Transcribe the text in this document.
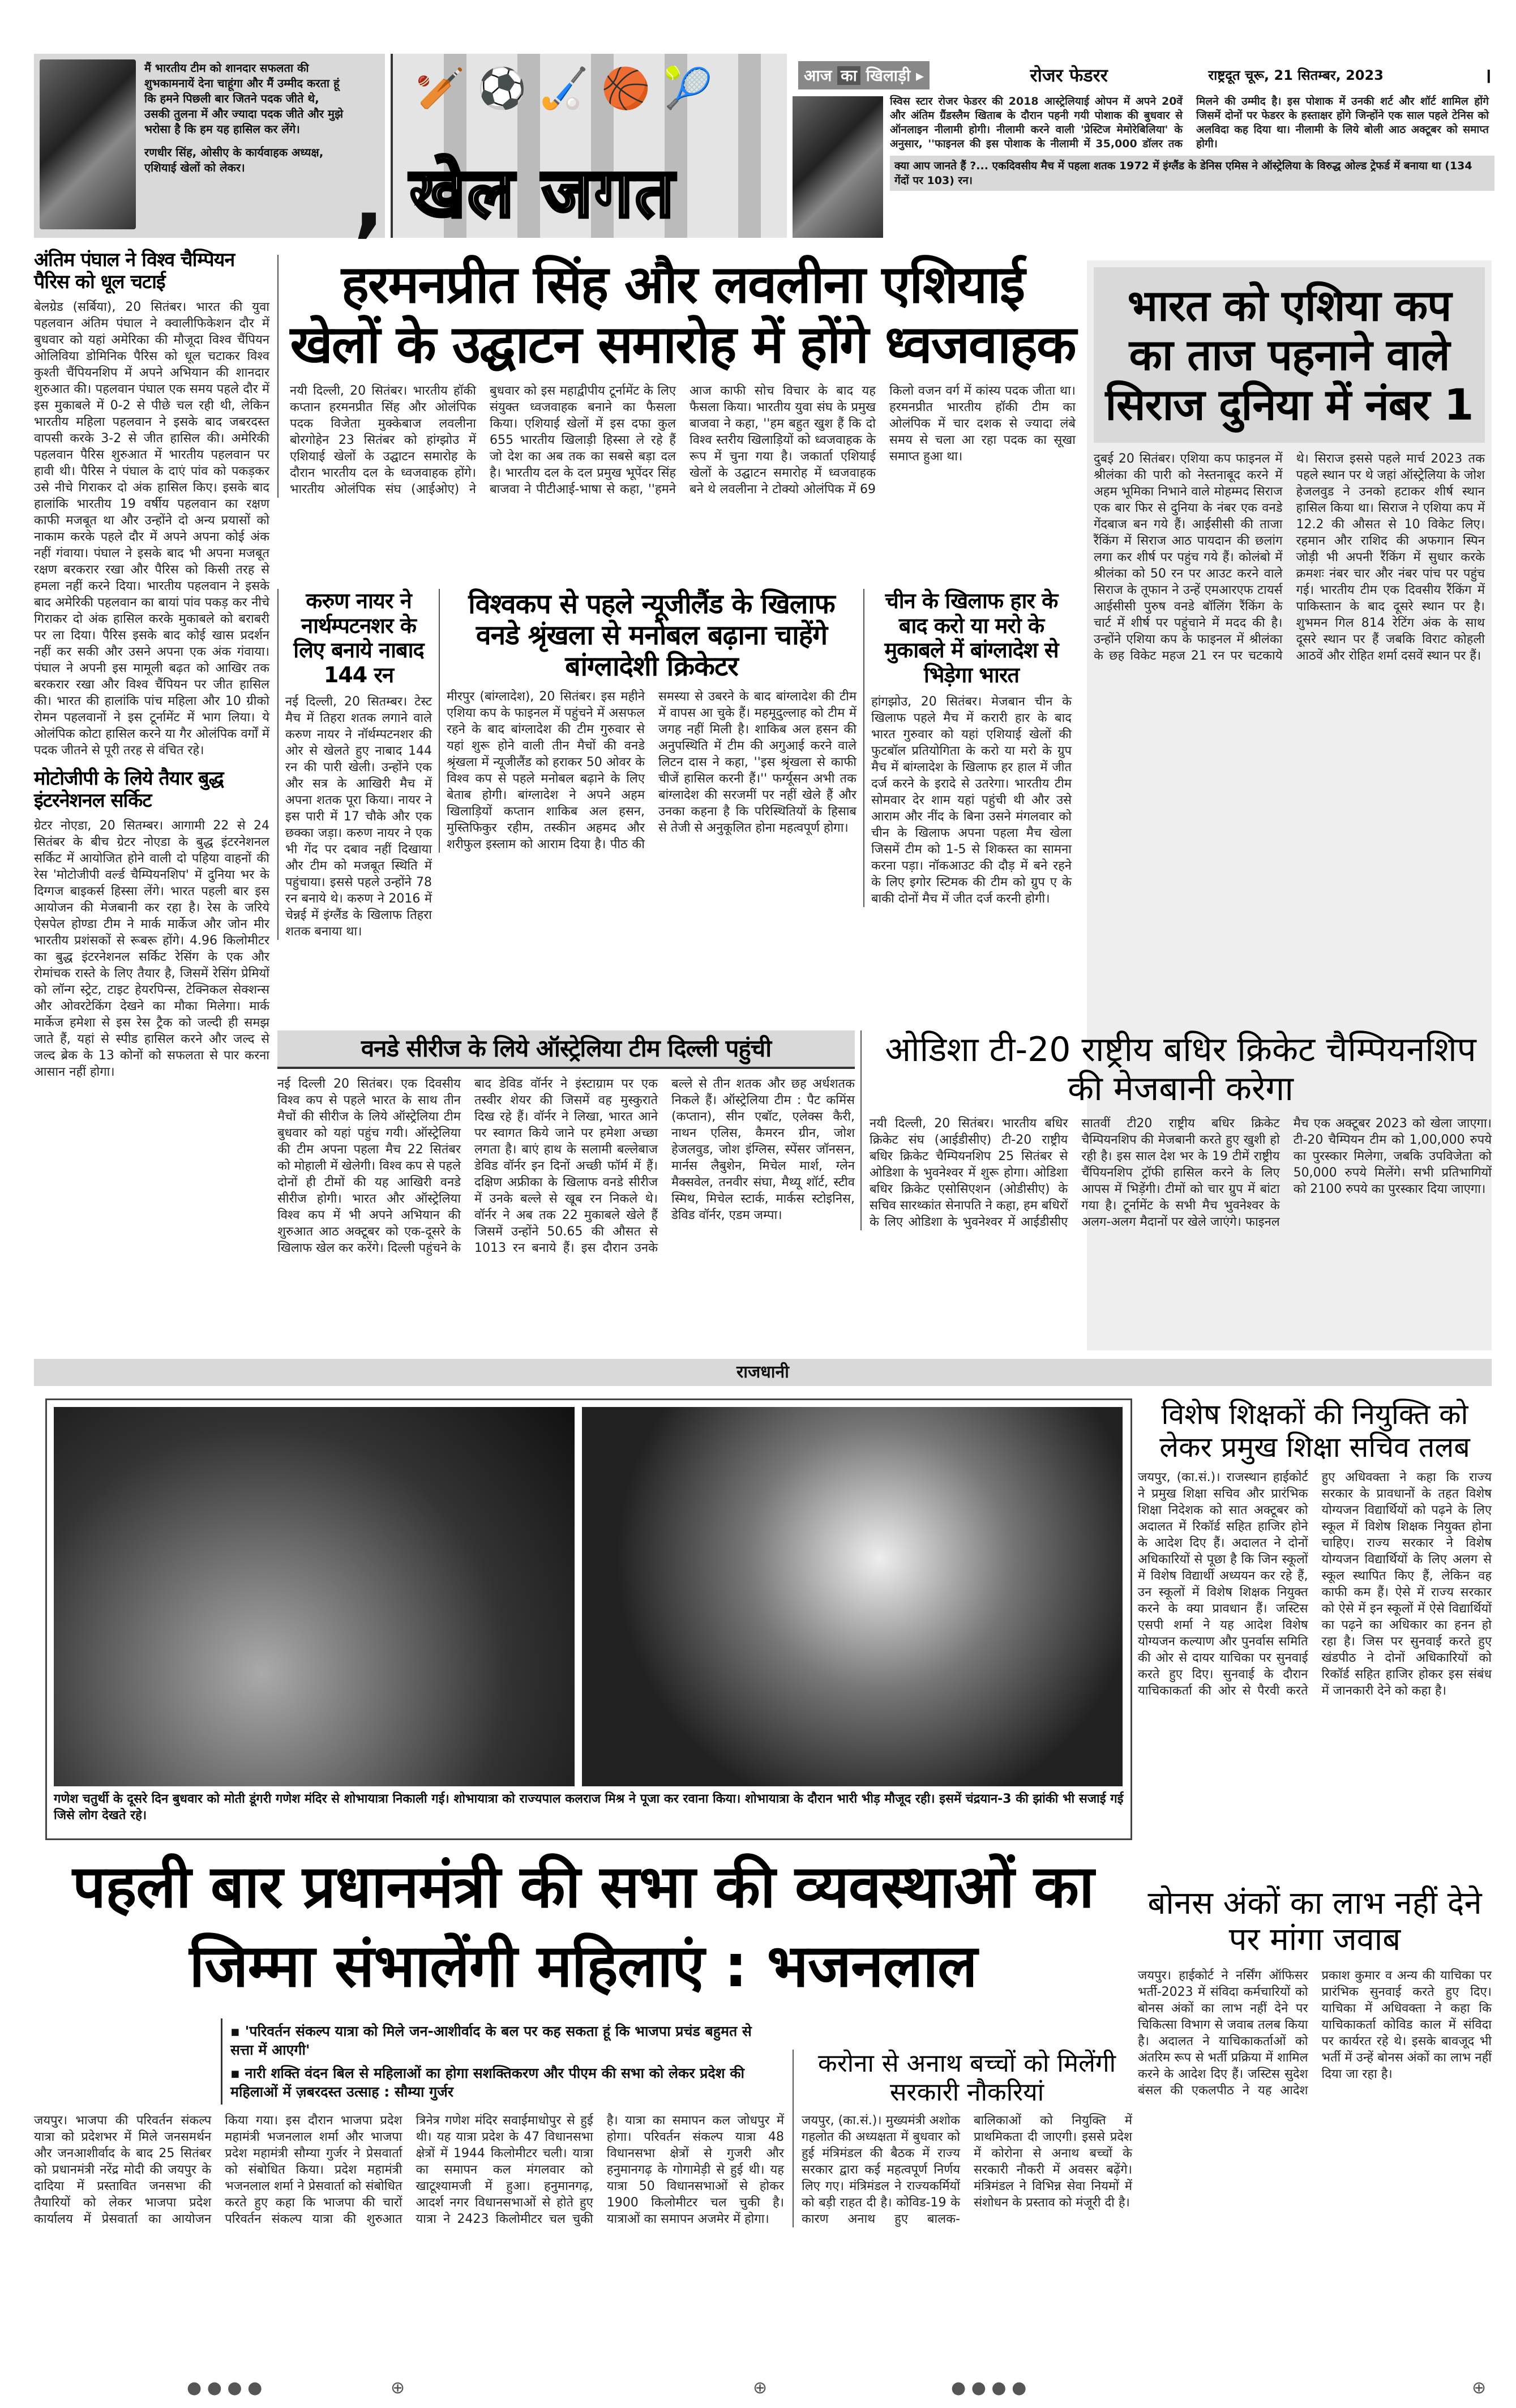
मैं भारतीय टीम को शानदार सफलता की शुभकामनायें देना चाहूंगा और मैं उम्मीद करता हूं कि हमने पिछली बार जितने पदक जीते थे, उसकी तुलना में और ज्यादा पदक जीते और मुझे भरोसा है कि हम यह हासिल कर लेंगे।
रणधीर सिंह, ओसीए के कार्यवाहक अध्यक्ष, एशियाई खेलों को लेकर।	,
🏏 ⚽ 🏑 🏀 🎾
खेल जगत
आज का खिलाड़ी ▸	रोजर फेडरर	राष्ट्रदूत चूरू, 21 सितम्बर, 2023	।
स्विस स्टार रोजर फेडरर की 2018 आस्ट्रेलियाई ओपन में अपने 20वें और अंतिम ग्रैंडस्लैम खिताब के दौरान पहनी गयी पोशाक की बुधवार से ऑनलाइन नीलामी होगी। नीलामी करने वाली 'प्रेस्टिज मेमोरेबिलिया' के अनुसार, ''फाइनल की इस पोशाक के नीलामी में 35,000 डॉलर तक मिलने की उम्मीद है। इस पोशाक में उनकी शर्ट और शॉर्ट शामिल होंगे जिसमें दोनों पर फेडरर के हस्ताक्षर होंगे जिन्होंने एक साल पहले टेनिस को अलविदा कह दिया था। नीलामी के लिये बोली आठ अक्टूबर को समाप्त होगी।
क्या आप जानते हैं ?... एकदिवसीय मैच में पहला शतक 1972 में इंग्लैंड के डेनिस एमिस ने ऑस्ट्रेलिया के विरुद्ध ओल्ड ट्रेफर्ड में बनाया था (134 गेंदों पर 103) रन।
अंतिम पंघाल ने विश्व चैम्पियन पैरिस को धूल चटाई
बेलग्रेड (सर्बिया), 20 सितंबर। भारत की युवा पहलवान अंतिम पंघाल ने क्वालीफिकेशन दौर में बुधवार को यहां अमेरिका की मौजूदा विश्व चैंपियन ओलिविया डोमिनिक पैरिस को धूल चटाकर विश्व कुश्ती चैंपियनशिप में अपने अभियान की शानदार शुरुआत की। पहलवान पंघाल एक समय पहले दौर में इस मुकाबले में 0-2 से पीछे चल रही थी, लेकिन भारतीय महिला पहलवान ने इसके बाद जबरदस्त वापसी करके 3-2 से जीत हासिल की। अमेरिकी पहलवान पैरिस शुरुआत में भारतीय पहलवान पर हावी थी। पैरिस ने पंघाल के दाएं पांव को पकड़कर उसे नीचे गिराकर दो अंक हासिल किए। इसके बाद हालांकि भारतीय 19 वर्षीय पहलवान का रक्षण काफी मजबूत था और उन्होंने दो अन्य प्रयासों को नाकाम करके पहले दौर में अपने अपना कोई अंक नहीं गंवाया। पंघाल ने इसके बाद भी अपना मजबूत रक्षण बरकरार रखा और पैरिस को किसी तरह से हमला नहीं करने दिया। भारतीय पहलवान ने इसके बाद अमेरिकी पहलवान का बायां पांव पकड़ कर नीचे गिराकर दो अंक हासिल करके मुकाबले को बराबरी पर ला दिया। पैरिस इसके बाद कोई खास प्रदर्शन नहीं कर सकी और उसने अपना एक अंक गंवाया। पंघाल ने अपनी इस मामूली बढ़त को आखिर तक बरकरार रखा और विश्व चैंपियन पर जीत हासिल की। भारत की हालांकि पांच महिला और 10 ग्रीको रोमन पहलवानों ने इस टूर्नामेंट में भाग लिया। ये ओलंपिक कोटा हासिल करने या गैर ओलंपिक वर्गों में पदक जीतने से पूरी तरह से वंचित रहे।
मोटोजीपी के लिये तैयार बुद्ध इंटरनेशनल सर्किट
ग्रेटर नोएडा, 20 सितम्बर। आगामी 22 से 24 सितंबर के बीच ग्रेटर नोएडा के बुद्ध इंटरनेशनल सर्किट में आयोजित होने वाली दो पहिया वाहनों की रेस 'मोटोजीपी वर्ल्ड चैम्पियनशिप' में दुनिया भर के दिग्गज बाइकर्स हिस्सा लेंगे। भारत पहली बार इस आयोजन की मेजबानी कर रहा है। रेस के जरिये ऐसपेल होण्डा टीम ने मार्क मार्केज और जोन मीर भारतीय प्रशंसकों से रूबरू होंगे। 4.96 किलोमीटर का बुद्ध इंटरनेशनल सर्किट रेसिंग के एक और रोमांचक रास्ते के लिए तैयार है, जिसमें रेसिंग प्रेमियों को लॉन्ग स्ट्रेट, टाइट हेयरपिन्स, टेक्निकल सेक्शन्स और ओवरटेकिंग देखने का मौका मिलेगा। मार्क मार्केज हमेशा से इस रेस ट्रैक को जल्दी ही समझ जाते हैं, यहां से स्पीड हासिल करने और जल्द से जल्द ब्रेक के 13 कोनों को सफलता से पार करना आसान नहीं होगा।
हरमनप्रीत सिंह और लवलीना एशियाई खेलों के उद्घाटन समारोह में होंगे ध्वजवाहक
नयी दिल्ली, 20 सितंबर। भारतीय हॉकी कप्तान हरमनप्रीत सिंह और ओलंपिक पदक विजेता मुक्केबाज लवलीना बोरगोहेन 23 सितंबर को हांग्झोउ में एशियाई खेलों के उद्घाटन समारोह के दौरान भारतीय दल के ध्वजवाहक होंगे। भारतीय ओलंपिक संघ (आईओए) ने बुधवार को इस महाद्वीपीय टूर्नामेंट के लिए संयुक्त ध्वजवाहक बनाने का फैसला किया। एशियाई खेलों में इस दफा कुल 655 भारतीय खिलाड़ी हिस्सा ले रहे हैं जो देश का अब तक का सबसे बड़ा दल है। भारतीय दल के दल प्रमुख भूपेंदर सिंह बाजवा ने पीटीआई-भाषा से कहा, ''हमने आज काफी सोच विचार के बाद यह फैसला किया। भारतीय युवा संघ के प्रमुख बाजवा ने कहा, ''हम बहुत खुश हैं कि दो विश्व स्तरीय खिलाड़ियों को ध्वजवाहक के रूप में चुना गया है। जकार्ता एशियाई खेलों के उद्घाटन समारोह में ध्वजवाहक बने थे लवलीना ने टोक्यो ओलंपिक में 69 किलो वजन वर्ग में कांस्य पदक जीता था। हरमनप्रीत भारतीय हॉकी टीम का ओलंपिक में चार दशक से ज्यादा लंबे समय से चला आ रहा पदक का सूखा समाप्त हुआ था।
भारत को एशिया कप का ताज पहनाने वाले सिराज दुनिया में नंबर 1
दुबई 20 सितंबर। एशिया कप फाइनल में श्रीलंका की पारी को नेस्तनाबूद करने में अहम भूमिका निभाने वाले मोहम्मद सिराज एक बार फिर से दुनिया के नंबर एक वनडे गेंदबाज बन गये हैं। आईसीसी की ताजा रैंकिंग में सिराज आठ पायदान की छलांग लगा कर शीर्ष पर पहुंच गये हैं। कोलंबो में श्रीलंका को 50 रन पर आउट करने वाले सिराज के तूफान ने उन्हें एमआरएफ टायर्स आईसीसी पुरुष वनडे बॉलिंग रैंकिंग के चार्ट में शीर्ष पर पहुंचाने में मदद की है। उन्होंने एशिया कप के फाइनल में श्रीलंका के छह विकेट महज 21 रन पर चटकाये थे। सिराज इससे पहले मार्च 2023 तक पहले स्थान पर थे जहां ऑस्ट्रेलिया के जोश हेजलवुड ने उनको हटाकर शीर्ष स्थान हासिल किया था। सिराज ने एशिया कप में 12.2 की औसत से 10 विकेट लिए। रहमान और राशिद की अफगान स्पिन जोड़ी भी अपनी रैंकिंग में सुधार करके क्रमशः नंबर चार और नंबर पांच पर पहुंच गई। भारतीय टीम एक दिवसीय रैंकिंग में पाकिस्तान के बाद दूसरे स्थान पर है। शुभमन गिल 814 रेटिंग अंक के साथ दूसरे स्थान पर हैं जबकि विराट कोहली आठवें और रोहित शर्मा दसवें स्थान पर हैं।
करुण नायर ने नार्थम्पटनशर के लिए बनाये नाबाद 144 रन
नई दिल्ली, 20 सितम्बर। टेस्ट मैच में तिहरा शतक लगाने वाले करुण नायर ने नॉर्थम्पटनशर की ओर से खेलते हुए नाबाद 144 रन की पारी खेली। उन्होंने एक और सत्र के आखिरी मैच में अपना शतक पूरा किया। नायर ने इस पारी में 17 चौके और एक छक्का जड़ा। करुण नायर ने एक भी गेंद पर दबाव नहीं दिखाया और टीम को मजबूत स्थिति में पहुंचाया। इससे पहले उन्होंने 78 रन बनाये थे। करुण ने 2016 में चेन्नई में इंग्लैंड के खिलाफ तिहरा शतक बनाया था।
विश्वकप से पहले न्यूजीलैंड के खिलाफ वनडे श्रृंखला से मनोबल बढ़ाना चाहेंगे बांग्लादेशी क्रिकेटर
मीरपुर (बांग्लादेश), 20 सितंबर। इस महीने एशिया कप के फाइनल में पहुंचने में असफल रहने के बाद बांग्लादेश की टीम गुरुवार से यहां शुरू होने वाली तीन मैचों की वनडे श्रृंखला में न्यूजीलैंड को हराकर 50 ओवर के विश्व कप से पहले मनोबल बढ़ाने के लिए बेताब होगी। बांग्लादेश ने अपने अहम खिलाड़ियों कप्तान शाकिब अल हसन, मुस्तिफिकुर रहीम, तस्कीन अहमद और शरीफुल इस्लाम को आराम दिया है। पीठ की समस्या से उबरने के बाद बांग्लादेश की टीम में वापस आ चुके हैं। महमूदुल्लाह को टीम में जगह नहीं मिली है। शाकिब अल हसन की अनुपस्थिति में टीम की अगुआई करने वाले लिटन दास ने कहा, ''इस श्रृंखला से काफी चीजें हासिल करनी हैं।'' फर्ग्यूसन अभी तक बांग्लादेश की सरजमीं पर नहीं खेले हैं और उनका कहना है कि परिस्थितियों के हिसाब से तेजी से अनुकूलित होना महत्वपूर्ण होगा।
चीन के खिलाफ हार के बाद करो या मरो के मुकाबले में बांग्लादेश से भिड़ेगा भारत
हांगझोउ, 20 सितंबर। मेजबान चीन के खिलाफ पहले मैच में करारी हार के बाद भारत गुरुवार को यहां एशियाई खेलों की फुटबॉल प्रतियोगिता के करो या मरो के ग्रुप मैच में बांग्लादेश के खिलाफ हर हाल में जीत दर्ज करने के इरादे से उतरेगा। भारतीय टीम सोमवार देर शाम यहां पहुंची थी और उसे आराम और नींद के बिना उसने मंगलवार को चीन के खिलाफ अपना पहला मैच खेला जिसमें टीम को 1-5 से शिकस्त का सामना करना पड़ा। नॉकआउट की दौड़ में बने रहने के लिए इगोर स्टिमक की टीम को ग्रुप ए के बाकी दोनों मैच में जीत दर्ज करनी होगी।
वनडे सीरीज के लिये ऑस्ट्रेलिया टीम दिल्ली पहुंची
नई दिल्ली 20 सितंबर। एक दिवसीय विश्व कप से पहले भारत के साथ तीन मैचों की सीरीज के लिये ऑस्ट्रेलिया टीम बुधवार को यहां पहुंच गयी। ऑस्ट्रेलिया की टीम अपना पहला मैच 22 सितंबर को मोहाली में खेलेगी। विश्व कप से पहले दोनों ही टीमों की यह आखिरी वनडे सीरीज होगी। भारत और ऑस्ट्रेलिया विश्व कप में भी अपने अभियान की शुरुआत आठ अक्टूबर को एक-दूसरे के खिलाफ खेल कर करेंगे। दिल्ली पहुंचने के बाद डेविड वॉर्नर ने इंस्टाग्राम पर एक तस्वीर शेयर की जिसमें वह मुस्कुराते दिख रहे हैं। वॉर्नर ने लिखा, भारत आने पर स्वागत किये जाने पर हमेशा अच्छा लगता है। बाएं हाथ के सलामी बल्लेबाज डेविड वॉर्नर इन दिनों अच्छी फॉर्म में हैं। दक्षिण अफ्रीका के खिलाफ वनडे सीरीज में उनके बल्ले से खूब रन निकले थे। वॉर्नर ने अब तक 22 मुकाबले खेले हैं जिसमें उन्होंने 50.65 की औसत से 1013 रन बनाये हैं। इस दौरान उनके बल्ले से तीन शतक और छह अर्धशतक निकले हैं। ऑस्ट्रेलिया टीम : पैट कमिंस (कप्तान), सीन एबॉट, एलेक्स कैरी, नाथन एलिस, कैमरन ग्रीन, जोश हेजलवुड, जोश इंग्लिस, स्पेंसर जॉनसन, मार्नस लैबुशेन, मिचेल मार्श, ग्लेन मैक्सवेल, तनवीर संघा, मैथ्यू शॉर्ट, स्टीव स्मिथ, मिचेल स्टार्क, मार्कस स्टोइनिस, डेविड वॉर्नर, एडम जम्पा।
ओडिशा टी-20 राष्ट्रीय बधिर क्रिकेट चैम्पियनशिप की मेजबानी करेगा
नयी दिल्ली, 20 सितंबर। भारतीय बधिर क्रिकेट संघ (आईडीसीए) टी-20 राष्ट्रीय बधिर क्रिकेट चैम्पियनशिप 25 सितंबर से ओडिशा के भुवनेश्वर में शुरू होगा। ओडिशा बधिर क्रिकेट एसोसिएशन (ओडीसीए) के सचिव सारथ्कांत सेनापति ने कहा, हम बधिरों के लिए ओडिशा के भुवनेश्वर में आईडीसीए सातवीं टी20 राष्ट्रीय बधिर क्रिकेट चैम्पियनशिप की मेजबानी करते हुए खुशी हो रही है। इस साल देश भर के 19 टीमें राष्ट्रीय चैंपियनशिप ट्रॉफी हासिल करने के लिए आपस में भिड़ेंगी। टीमों को चार ग्रुप में बांटा गया है। टूर्नामेंट के सभी मैच भुवनेश्वर के अलग-अलग मैदानों पर खेले जाएंगे। फाइनल मैच एक अक्टूबर 2023 को खेला जाएगा। टी-20 चैम्पियन टीम को 1,00,000 रुपये का पुरस्कार मिलेगा, जबकि उपविजेता को 50,000 रुपये मिलेंगे। सभी प्रतिभागियों को 2100 रुपये का पुरस्कार दिया जाएगा।
राजधानी
गणेश चतुर्थी के दूसरे दिन बुधवार को मोती डूंगरी गणेश मंदिर से शोभायात्रा निकाली गई। शोभायात्रा को राज्यपाल कलराज मिश्र ने पूजा कर रवाना किया। शोभायात्रा के दौरान भारी भीड़ मौजूद रही। इसमें चंद्रयान-3 की झांकी भी सजाई गई जिसे लोग देखते रहे।
विशेष शिक्षकों की नियुक्ति को लेकर प्रमुख शिक्षा सचिव तलब
जयपुर, (का.सं.)। राजस्थान हाईकोर्ट ने प्रमुख शिक्षा सचिव और प्रारंभिक शिक्षा निदेशक को सात अक्टूबर को अदालत में रिकॉर्ड सहित हाजिर होने के आदेश दिए हैं। अदालत ने दोनों अधिकारियों से पूछा है कि जिन स्कूलों में विशेष विद्यार्थी अध्ययन कर रहे हैं, उन स्कूलों में विशेष शिक्षक नियुक्त करने के क्या प्रावधान हैं। जस्टिस एसपी शर्मा ने यह आदेश विशेष योग्यजन कल्याण और पुनर्वास समिति की ओर से दायर याचिका पर सुनवाई करते हुए दिए। सुनवाई के दौरान याचिकाकर्ता की ओर से पैरवी करते हुए अधिवक्ता ने कहा कि राज्य सरकार के प्रावधानों के तहत विशेष योग्यजन विद्यार्थियों को पढ़ने के लिए स्कूल में विशेष शिक्षक नियुक्त होना चाहिए। राज्य सरकार ने विशेष योग्यजन विद्यार्थियों के लिए अलग से स्कूल स्थापित किए हैं, लेकिन वह काफी कम हैं। ऐसे में राज्य सरकार को ऐसे में इन स्कूलों में ऐसे विद्यार्थियों का पढ़ने का अधिकार का हनन हो रहा है। जिस पर सुनवाई करते हुए खंडपीठ ने दोनों अधिकारियों को रिकॉर्ड सहित हाजिर होकर इस संबंध में जानकारी देने को कहा है।
पहली बार प्रधानमंत्री की सभा की व्यवस्थाओं का जिम्मा संभालेंगी महिलाएं : भजनलाल
▪ 'परिवर्तन संकल्प यात्रा को मिले जन-आशीर्वाद के बल पर कह सकता हूं कि भाजपा प्रचंड बहुमत से सत्ता में आएगी'
▪ नारी शक्ति वंदन बिल से महिलाओं का होगा सशक्तिकरण और पीएम की सभा को लेकर प्रदेश की महिलाओं में ज़बरदस्त उत्साह : सौम्या गुर्जर
जयपुर। भाजपा की परिवर्तन संकल्प यात्रा को प्रदेशभर में मिले जनसमर्थन और जनआशीर्वाद के बाद 25 सितंबर को प्रधानमंत्री नरेंद्र मोदी की जयपुर के दादिया में प्रस्तावित जनसभा की तैयारियों को लेकर भाजपा प्रदेश कार्यालय में प्रेसवार्ता का आयोजन किया गया। इस दौरान भाजपा प्रदेश महामंत्री भजनलाल शर्मा और भाजपा प्रदेश महामंत्री सौम्या गुर्जर ने प्रेसवार्ता को संबोधित किया। प्रदेश महामंत्री भजनलाल शर्मा ने प्रेसवार्ता को संबोधित करते हुए कहा कि भाजपा की चारों परिवर्तन संकल्प यात्रा की शुरुआत त्रिनेत्र गणेश मंदिर सवाईमाधोपुर से हुई थी। यह यात्रा प्रदेश के 47 विधानसभा क्षेत्रों में 1944 किलोमीटर चली। यात्रा का समापन कल मंगलवार को खाटूश्यामजी में हुआ। हनुमानगढ़, आदर्श नगर विधानसभाओं से होते हुए यात्रा ने 2423 किलोमीटर चल चुकी है। यात्रा का समापन कल जोधपुर में होगा। परिवर्तन संकल्प यात्रा 48 विधानसभा क्षेत्रों से गुजरी और हनुमानगढ़ के गोगामेड़ी से हुई थी। यह यात्रा 50 विधानसभाओं से होकर 1900 किलोमीटर चल चुकी है। यात्राओं का समापन अजमेर में होगा।
करोना से अनाथ बच्चों को मिलेंगी सरकारी नौकरियां
जयपुर, (का.सं.)। मुख्यमंत्री अशोक गहलोत की अध्यक्षता में बुधवार को हुई मंत्रिमंडल की बैठक में राज्य सरकार द्वारा कई महत्वपूर्ण निर्णय लिए गए। मंत्रिमंडल ने राज्यकर्मियों को बड़ी राहत दी है। कोविड-19 के कारण अनाथ हुए बालक-बालिकाओं को नियुक्ति में प्राथमिकता दी जाएगी। इससे प्रदेश में कोरोना से अनाथ बच्चों के सरकारी नौकरी में अवसर बढ़ेंगे। मंत्रिमंडल ने विभिन्न सेवा नियमों में संशोधन के प्रस्ताव को मंजूरी दी है।
बोनस अंकों का लाभ नहीं देने पर मांगा जवाब
जयपुर। हाईकोर्ट ने नर्सिंग ऑफिसर भर्ती-2023 में संविदा कर्मचारियों को बोनस अंकों का लाभ नहीं देने पर चिकित्सा विभाग से जवाब तलब किया है। अदालत ने याचिकाकर्ताओं को अंतरिम रूप से भर्ती प्रक्रिया में शामिल करने के आदेश दिए हैं। जस्टिस सुदेश बंसल की एकलपीठ ने यह आदेश प्रकाश कुमार व अन्य की याचिका पर प्रारंभिक सुनवाई करते हुए दिए। याचिका में अधिवक्ता ने कहा कि याचिकाकर्ता कोविड काल में संविदा पर कार्यरत रहे थे। इसके बावजूद भी भर्ती में उन्हें बोनस अंकों का लाभ नहीं दिया जा रहा है।
● ● ● ●	⊕	⊕	● ● ● ●	⊕
